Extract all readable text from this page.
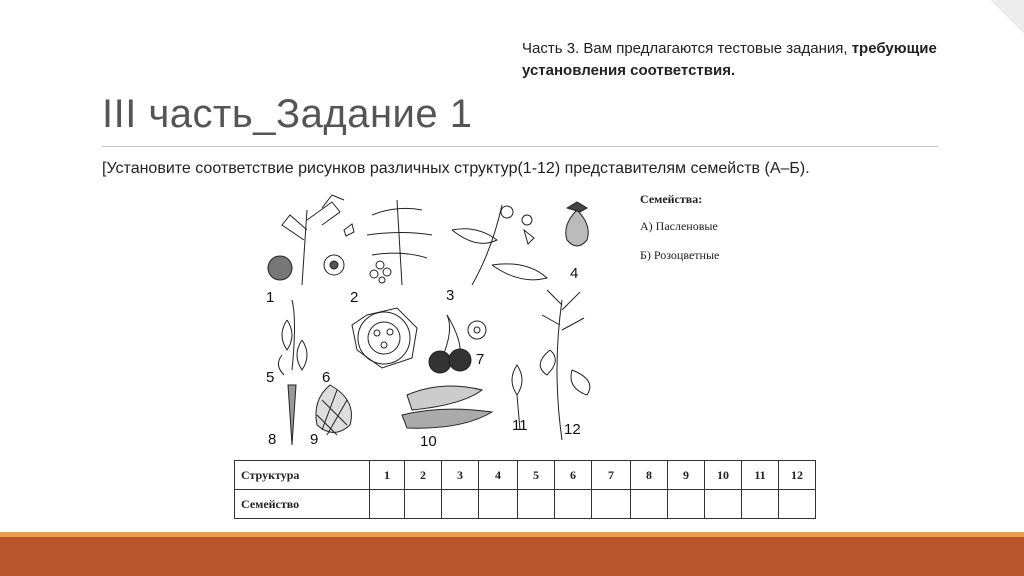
Часть 3. Вам предлагаются тестовые задания, требующие установления соответствия.
III часть_Задание 1
[Установите соответствие рисунков различных структур(1-12) представителям семейств (А–Б).
1	2	3
4
5	6
7
8 9	10
11 12
Семейства:
А) Пасленовые
Б) Розоцветные
Структура	1	2	3	4	5	6	7	8	9	10	11	12
Семейство												
